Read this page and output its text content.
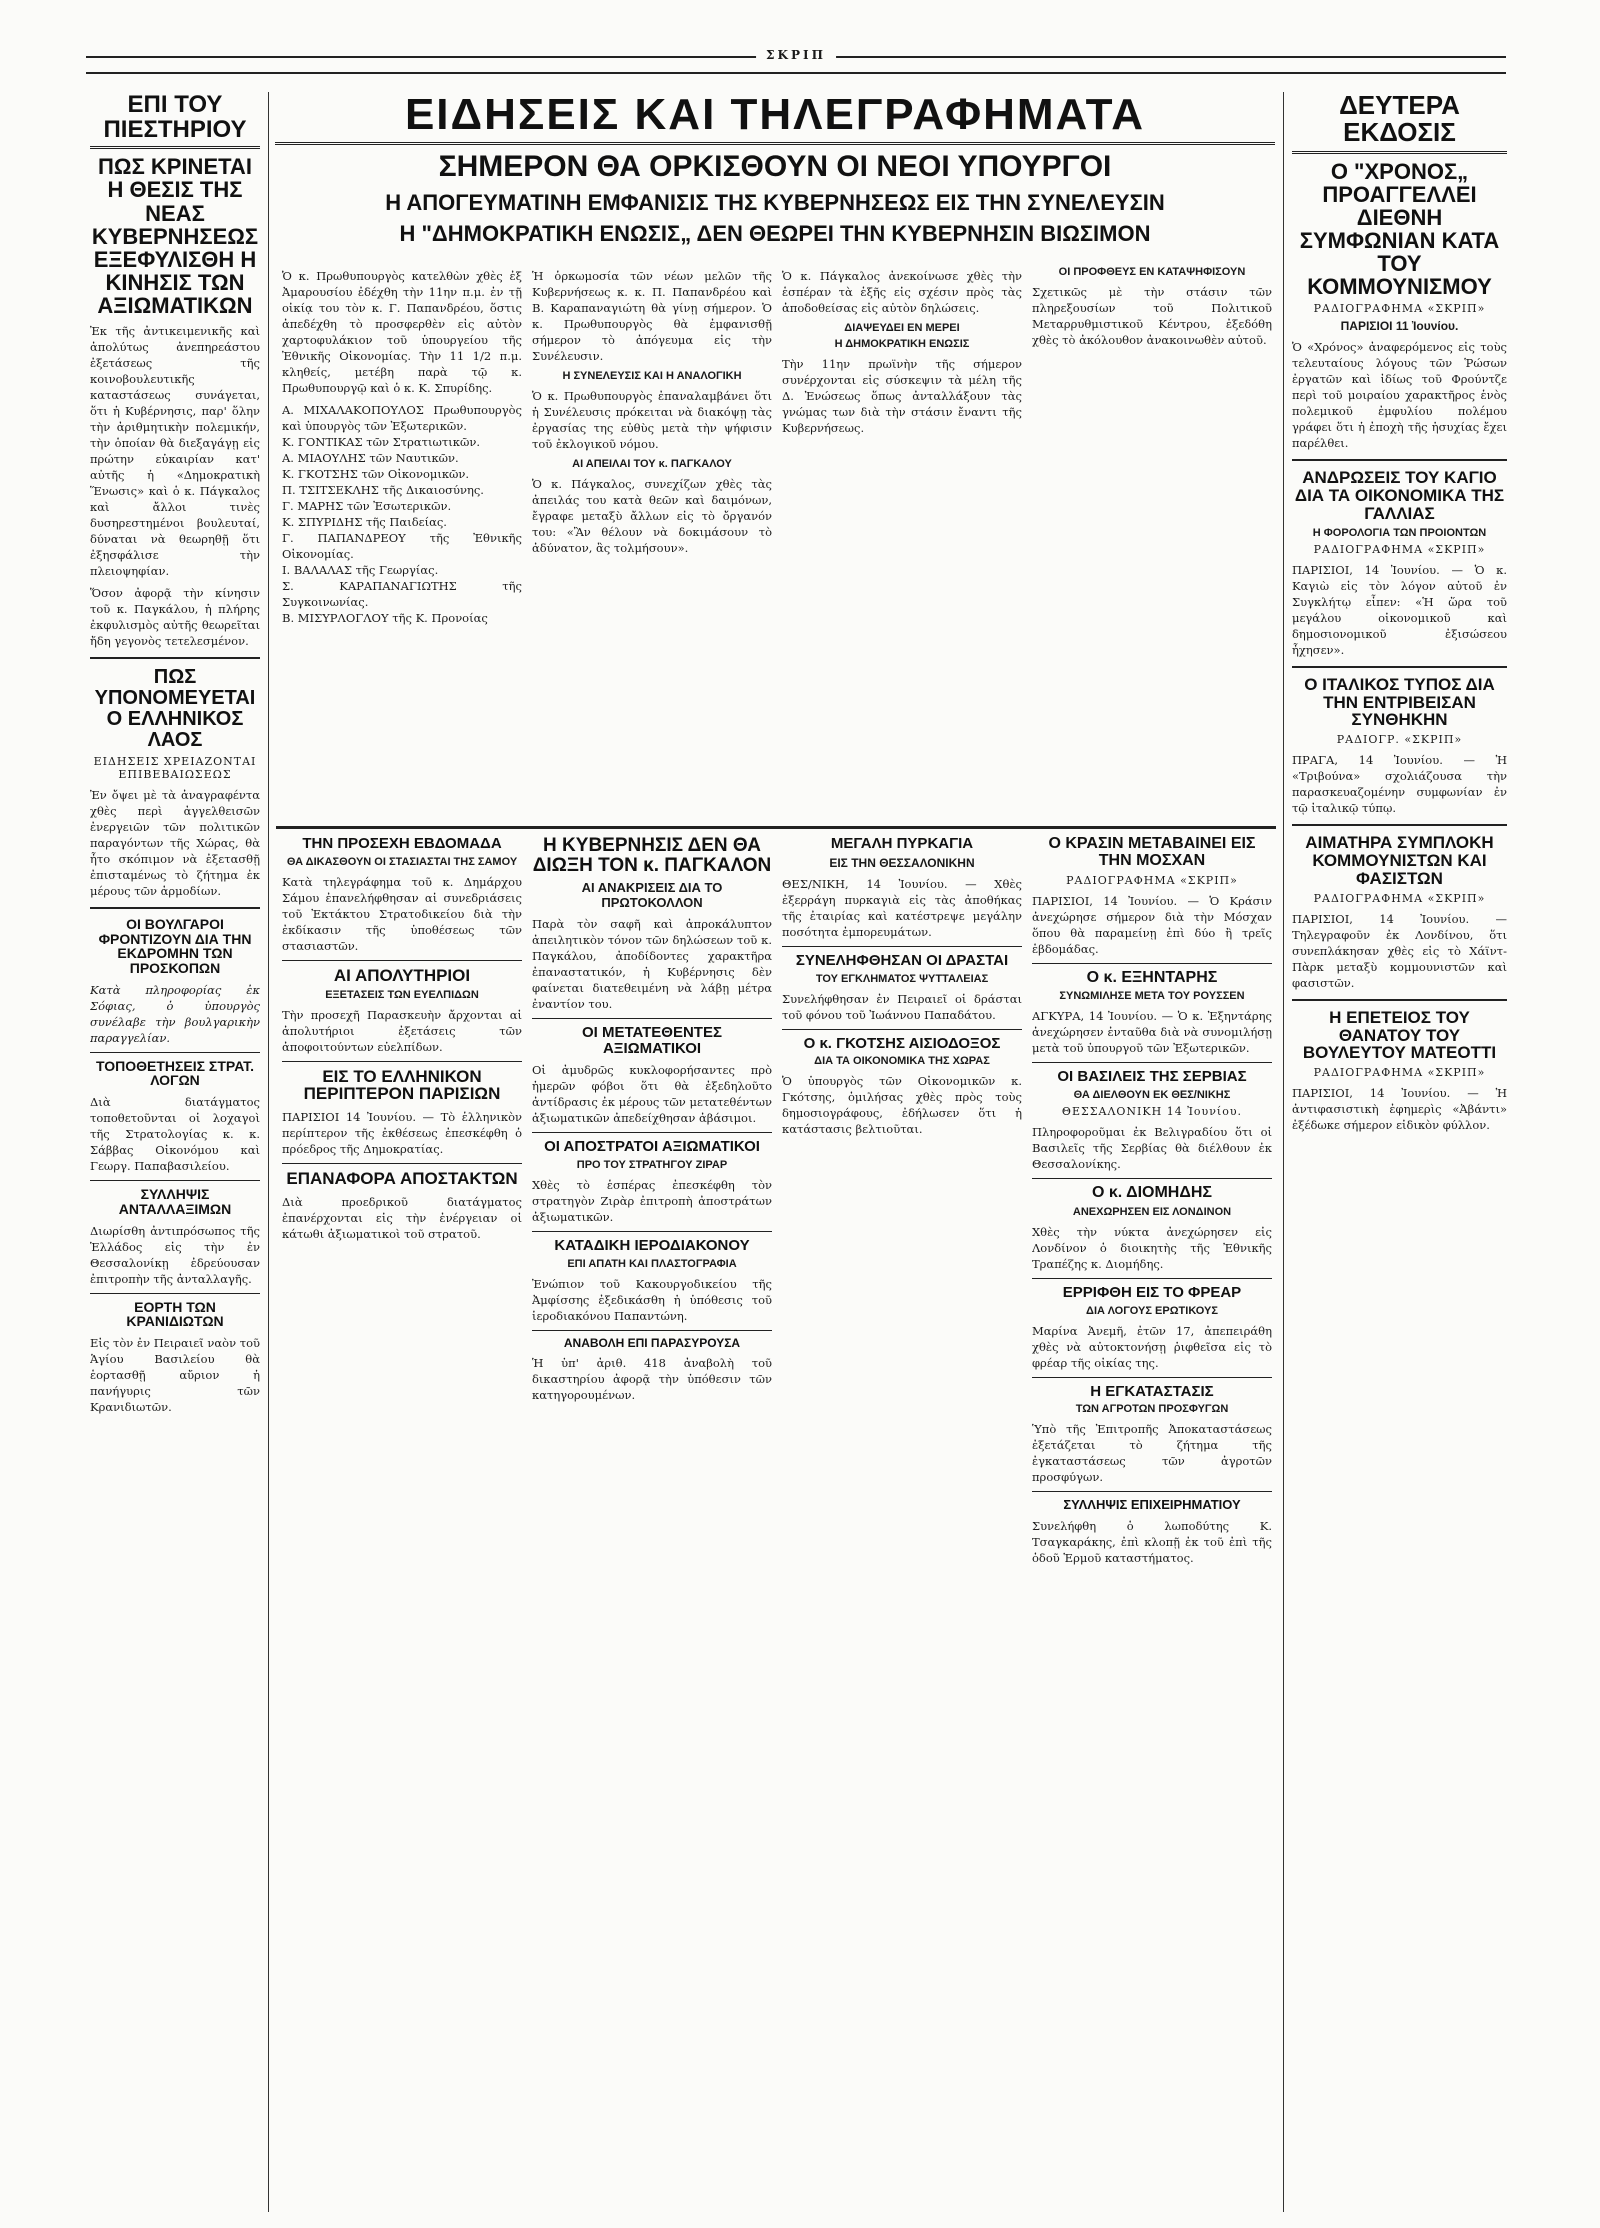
ΣΚΡΙΠ
ΕΠΙ ΤΟΥ ΠΙΕΣΤΗΡΙΟΥ
ΠΩΣ ΚΡΙΝΕΤΑΙ Η ΘΕΣΙΣ ΤΗΣ ΝΕΑΣ ΚΥΒΕΡΝΗΣΕΩΣ ΕΞΕΦΥΛΙΣΘΗ Η ΚΙΝΗΣΙΣ ΤΩΝ ΑΞΙΩΜΑΤΙΚΩΝ

Ἐκ τῆς ἀντικειμενικῆς καὶ ἀπολύτως ἀνεπηρεάστου ἐξετάσεως τῆς κοινοβουλευτικῆς καταστάσεως συνάγεται, ὅτι ἡ Κυβέρνησις, παρ' ὅλην τὴν ἀριθμητικὴν πολεμικήν, τὴν ὁποίαν θὰ διεξαγάγῃ εἰς πρώτην εὐκαιρίαν κατ' αὐτῆς ἡ «Δημοκρατικὴ Ἕνωσις» καὶ ὁ κ. Πάγκαλος καὶ ἄλλοι τινὲς δυσηρεστημένοι βουλευταί, δύναται νὰ θεωρηθῇ ὅτι ἐξησφάλισε τὴν πλειοψηφίαν.

Ὅσον ἀφορᾷ τὴν κίνησιν τοῦ κ. Παγκάλου, ἡ πλήρης ἐκφυλισμὸς αὐτῆς θεωρεῖται ἤδη γεγονὸς τετελεσμένον.

ΠΩΣ ΥΠΟΝΟΜΕΥΕΤΑΙ Ο ΕΛΛΗΝΙΚΟΣ ΛΑΟΣ
ΕΙΔΗΣΕΙΣ ΧΡΕΙΑΖΟΝΤΑΙ ΕΠΙΒΕΒΑΙΩΣΕΩΣ

Ἐν ὄψει μὲ τὰ ἀναγραφέντα χθὲς περὶ ἀγγελθεισῶν ἐνεργειῶν τῶν πολιτικῶν παραγόντων τῆς Χώρας, θὰ ἦτο σκόπιμον νὰ ἐξετασθῇ ἐπισταμένως τὸ ζήτημα ἐκ μέρους τῶν ἁρμοδίων.

ΟΙ ΒΟΥΛΓΑΡΟΙ ΦΡΟΝΤΙΖΟΥΝ ΔΙΑ ΤΗΝ ΕΚΔΡΟΜΗΝ ΤΩΝ ΠΡΟΣΚΟΠΩΝ

Κατὰ πληροφορίας ἐκ Σόφιας, ὁ ὑπουργὸς συνέλαβε τὴν βουλγαρικὴν παραγγελίαν.

ΤΟΠΟΘΕΤΗΣΕΙΣ ΣΤΡΑΤ. ΛΟΓΩΝ

Διὰ διατάγματος τοποθετοῦνται οἱ λοχαγοὶ τῆς Στρατολογίας κ. κ. Σάββας Οἰκονόμου καὶ Γεωργ. Παπαβασιλείου.

ΣΥΛΛΗΨΙΣ ΑΝΤΑΛΛΑΞΙΜΩΝ

Διωρίσθη ἀντιπρόσωπος τῆς Ἑλλάδος εἰς τὴν ἐν Θεσσαλονίκῃ ἐδρεύουσαν ἐπιτροπὴν τῆς ἀνταλλαγῆς.

ΕΟΡΤΗ ΤΩΝ ΚΡΑΝΙΔΙΩΤΩΝ

Εἰς τὸν ἐν Πειραιεῖ ναὸν τοῦ Ἁγίου Βασιλείου θὰ ἑορτασθῇ αὔριον ἡ πανήγυρις τῶν Κρανιδιωτῶν.

ΕΙΔΗΣΕΙΣ ΚΑΙ ΤΗΛΕΓΡΑΦΗΜΑΤΑ
ΣΗΜΕΡΟΝ ΘΑ ΟΡΚΙΣΘΟΥΝ ΟΙ ΝΕΟΙ ΥΠΟΥΡΓΟΙ
Η ΑΠΟΓΕΥΜΑΤΙΝΗ ΕΜΦΑΝΙΣΙΣ ΤΗΣ ΚΥΒΕΡΝΗΣΕΩΣ ΕΙΣ ΤΗΝ ΣΥΝΕΛΕΥΣΙΝ
Η "ΔΗΜΟΚΡΑΤΙΚΗ ΕΝΩΣΙΣ„ ΔΕΝ ΘΕΩΡΕΙ ΤΗΝ ΚΥΒΕΡΝΗΣΙΝ ΒΙΩΣΙΜΟΝ

Ὁ κ. Πρωθυπουργὸς κατελθὼν χθὲς ἐξ Ἀμαρουσίου ἐδέχθη τὴν 11ην π.μ. ἐν τῇ οἰκίᾳ του τὸν κ. Γ. Παπανδρέου, ὅστις ἀπεδέχθη τὸ προσφερθὲν εἰς αὐτὸν χαρτοφυλάκιον τοῦ ὑπουργείου τῆς Ἐθνικῆς Οἰκονομίας. Τὴν 11 1/2 π.μ. κληθείς, μετέβη παρὰ τῷ κ. Πρωθυπουργῷ καὶ ὁ κ. Κ. Σπυρίδης.

Α. ΜΙΧΑΛΑΚΟΠΟΥΛΟΣ Πρωθυπουργὸς καὶ ὑπουργὸς τῶν Ἐξωτερικῶν.
Κ. ΓΟΝΤΙΚΑΣ τῶν Στρατιωτικῶν.
Α. ΜΙΑΟΥΛΗΣ τῶν Ναυτικῶν.
Κ. ΓΚΟΤΣΗΣ τῶν Οἰκονομικῶν.
Π. ΤΣΙΤΣΕΚΛΗΣ τῆς Δικαιοσύνης.
Γ. ΜΑΡΗΣ τῶν Ἐσωτερικῶν.
Κ. ΣΠΥΡΙΔΗΣ τῆς Παιδείας.
Γ. ΠΑΠΑΝΔΡΕΟΥ τῆς Ἐθνικῆς Οἰκονομίας.
Ι. ΒΑΛΑΛΑΣ τῆς Γεωργίας.
Σ. ΚΑΡΑΠΑΝΑΓΙΩΤΗΣ τῆς Συγκοινωνίας.
Β. ΜΙΣΥΡΛΟΓΛΟΥ τῆς Κ. Προνοίας

Ἡ ὁρκωμοσία τῶν νέων μελῶν τῆς Κυβερνήσεως κ. κ. Π. Παπανδρέου καὶ Β. Καραπαναγιώτη θὰ γίνῃ σήμερον. Ὁ κ. Πρωθυπουργὸς θὰ ἐμφανισθῇ σήμερον τὸ ἀπόγευμα εἰς τὴν Συνέλευσιν.

Η ΣΥΝΕΛΕΥΣΙΣ ΚΑΙ Η ΑΝΑΛΟΓΙΚΗ

Ὁ κ. Πρωθυπουργὸς ἐπαναλαμβάνει ὅτι ἡ Συνέλευσις πρόκειται νὰ διακόψῃ τὰς ἐργασίας της εὐθὺς μετὰ τὴν ψήφισιν τοῦ ἐκλογικοῦ νόμου.

ΑΙ ΑΠΕΙΛΑΙ ΤΟΥ κ. ΠΑΓΚΑΛΟΥ

Ὁ κ. Πάγκαλος, συνεχίζων χθὲς τὰς ἀπειλάς του κατὰ θεῶν καὶ δαιμόνων, ἔγραφε μεταξὺ ἄλλων εἰς τὸ ὄργανόν του: «Ἂν θέλουν νὰ δοκιμάσουν τὸ ἀδύνατον, ἂς τολμήσουν».

Ὁ κ. Πάγκαλος ἀνεκοίνωσε χθὲς τὴν ἑσπέραν τὰ ἑξῆς εἰς σχέσιν πρὸς τὰς ἀποδοθείσας εἰς αὐτὸν δηλώσεις.

ΔΙΑΨΕΥΔΕΙ ΕΝ ΜΕΡΕΙ
Η ΔΗΜΟΚΡΑΤΙΚΗ ΕΝΩΣΙΣ

Τὴν 11ην πρωϊνὴν τῆς σήμερον συνέρχονται εἰς σύσκεψιν τὰ μέλη τῆς Δ. Ἑνώσεως ὅπως ἀνταλλάξουν τὰς γνώμας των διὰ τὴν στάσιν ἔναντι τῆς Κυβερνήσεως.

ΟΙ ΠΡΟΦΘΕΥΣ ΕΝ ΚΑΤΑΨΗΦΙΣΟΥΝ

Σχετικῶς μὲ τὴν στάσιν τῶν πληρεξουσίων τοῦ Πολιτικοῦ Μεταρρυθμιστικοῦ Κέντρου, ἐξεδόθη χθὲς τὸ ἀκόλουθον ἀνακοινωθὲν αὐτοῦ.

ΔΕΥΤΕΡΑ ΕΚΔΟΣΙΣ
Ο "ΧΡΟΝΟΣ„ ΠΡΟΑΓΓΕΛΛΕΙ ΔΙΕΘΝΗ ΣΥΜΦΩΝΙΑΝ ΚΑΤΑ ΤΟΥ ΚΟΜΜΟΥΝΙΣΜΟΥ
ΡΑΔΙΟΓΡΑΦΗΜΑ «ΣΚΡΙΠ»
ΠΑΡΙΣΙΟΙ 11 Ἰουνίου.

Ὁ «Χρόνος» ἀναφερόμενος εἰς τοὺς τελευταίους λόγους τῶν Ῥώσων ἐργατῶν καὶ ἰδίως τοῦ Φρούντζε περὶ τοῦ μοιραίου χαρακτῆρος ἑνὸς πολεμικοῦ ἐμφυλίου πολέμου γράφει ὅτι ἡ ἐποχὴ τῆς ἡσυχίας ἔχει παρέλθει.

ΑΝΔΡΩΣΕΙΣ ΤΟΥ ΚΑΓΙΟ ΔΙΑ ΤΑ ΟΙΚΟΝΟΜΙΚΑ ΤΗΣ ΓΑΛΛΙΑΣ
Η ΦΟΡΟΛΟΓΙΑ ΤΩΝ ΠΡΟΙΟΝΤΩΝ
ΡΑΔΙΟΓΡΑΦΗΜΑ «ΣΚΡΙΠ»

ΠΑΡΙΣΙΟΙ, 14 Ἰουνίου. — Ὁ κ. Καγιὼ εἰς τὸν λόγον αὐτοῦ ἐν Συγκλήτῳ εἶπεν: «Ἡ ὥρα τοῦ μεγάλου οἰκονομικοῦ καὶ δημοσιονομικοῦ ἐξισώσεου ἦχησεν».

Ο ΙΤΑΛΙΚΟΣ ΤΥΠΟΣ ΔΙΑ ΤΗΝ ΕΝΤΡΙΒΕΙΣΑΝ ΣΥΝΘΗΚΗΝ
ΡΑΔΙΟΓΡ. «ΣΚΡΙΠ»

ΠΡΑΓΑ, 14 Ἰουνίου. — Ἡ «Τριβούνα» σχολιάζουσα τὴν παρασκευαζομένην συμφωνίαν ἐν τῷ ἰταλικῷ τύπῳ.

ΑΙΜΑΤΗΡΑ ΣΥΜΠΛΟΚΗ ΚΟΜΜΟΥΝΙΣΤΩΝ ΚΑΙ ΦΑΣΙΣΤΩΝ
ΡΑΔΙΟΓΡΑΦΗΜΑ «ΣΚΡΙΠ»

ΠΑΡΙΣΙΟΙ, 14 Ἰουνίου. — Τηλεγραφοῦν ἐκ Λονδίνου, ὅτι συνεπλάκησαν χθὲς εἰς τὸ Χάϊντ-Πὰρκ μεταξὺ κομμουνιστῶν καὶ φασιστῶν.

Η ΕΠΕΤΕΙΟΣ ΤΟΥ ΘΑΝΑΤΟΥ ΤΟΥ ΒΟΥΛΕΥΤΟΥ ΜΑΤΕΟΤΤΙ
ΡΑΔΙΟΓΡΑΦΗΜΑ «ΣΚΡΙΠ»

ΠΑΡΙΣΙΟΙ, 14 Ἰουνίου. — Ἡ ἀντιφασιστικὴ ἐφημερὶς «Ἀβάντι» ἐξέδωκε σήμερον εἰδικὸν φύλλον.

ΤΗΝ ΠΡΟΣΕΧΗ ΕΒΔΟΜΑΔΑ
ΘΑ ΔΙΚΑΣΘΟΥΝ ΟΙ ΣΤΑΣΙΑΣΤΑΙ ΤΗΣ ΣΑΜΟΥ

Κατὰ τηλεγράφημα τοῦ κ. Δημάρχου Σάμου ἐπανελήφθησαν αἱ συνεδριάσεις τοῦ Ἐκτάκτου Στρατοδικείου διὰ τὴν ἐκδίκασιν τῆς ὑποθέσεως τῶν στασιαστῶν.

ΑΙ ΑΠΟΛΥΤΗΡΙΟΙ
ΕΞΕΤΑΣΕΙΣ ΤΩΝ ΕΥΕΛΠΙΔΩΝ

Τὴν προσεχῆ Παρασκευὴν ἄρχονται αἱ ἀπολυτήριοι ἐξετάσεις τῶν ἀποφοιτούντων εὐελπίδων.

ΕΙΣ ΤΟ ΕΛΛΗΝΙΚΟΝ ΠΕΡΙΠΤΕΡΟΝ ΠΑΡΙΣΙΩΝ

ΠΑΡΙΣΙΟΙ 14 Ἰουνίου. — Τὸ ἑλληνικὸν περίπτερον τῆς ἐκθέσεως ἐπεσκέφθη ὁ πρόεδρος τῆς Δημοκρατίας.

ΕΠΑΝΑΦΟΡΑ ΑΠΟΣΤΑΚΤΩΝ

Διὰ προεδρικοῦ διατάγματος ἐπανέρχονται εἰς τὴν ἐνέργειαν οἱ κάτωθι ἀξιωματικοὶ τοῦ στρατοῦ.

Η ΚΥΒΕΡΝΗΣΙΣ ΔΕΝ ΘΑ ΔΙΩΞΗ ΤΟΝ κ. ΠΑΓΚΑΛΟΝ
ΑΙ ΑΝΑΚΡΙΣΕΙΣ ΔΙΑ ΤΟ ΠΡΩΤΟΚΟΛΛΟΝ

Παρὰ τὸν σαφῆ καὶ ἀπροκάλυπτον ἀπειλητικὸν τόνον τῶν δηλώσεων τοῦ κ. Παγκάλου, ἀποδίδοντες χαρακτῆρα ἐπαναστατικόν, ἡ Κυβέρνησις δὲν φαίνεται διατεθειμένη νὰ λάβῃ μέτρα ἐναντίον του.

ΟΙ ΜΕΤΑΤΕΘΕΝΤΕΣ ΑΞΙΩΜΑΤΙΚΟΙ

Οἱ ἀμυδρῶς κυκλοφορήσαντες πρὸ ἡμερῶν φόβοι ὅτι θὰ ἐξεδηλοῦτο ἀντίδρασις ἐκ μέρους τῶν μετατεθέντων ἀξιωματικῶν ἀπεδείχθησαν ἀβάσιμοι.

ΟΙ ΑΠΟΣΤΡΑΤΟΙ ΑΞΙΩΜΑΤΙΚΟΙ
ΠΡΟ ΤΟΥ ΣΤΡΑΤΗΓΟΥ ΖΙΡΑΡ

Χθὲς τὸ ἑσπέρας ἐπεσκέφθη τὸν στρατηγὸν Ζιρὰρ ἐπιτροπὴ ἀποστράτων ἀξιωματικῶν.

ΚΑΤΑΔΙΚΗ ΙΕΡΟΔΙΑΚΟΝΟΥ
ΕΠΙ ΑΠΑΤΗ ΚΑΙ ΠΛΑΣΤΟΓΡΑΦΙΑ

Ἐνώπιον τοῦ Κακουργοδικείου τῆς Ἀμφίσσης ἐξεδικάσθη ἡ ὑπόθεσις τοῦ ἱεροδιακόνου Παπαντώνη.

ΑΝΑΒΟΛΗ ΕΠΙ ΠΑΡΑΣΥΡΟΥΣΑ

Ἡ ὑπ' ἀριθ. 418 ἀναβολὴ τοῦ δικαστηρίου ἀφορᾷ τὴν ὑπόθεσιν τῶν κατηγορουμένων.

ΜΕΓΑΛΗ ΠΥΡΚΑΓΙΑ
ΕΙΣ ΤΗΝ ΘΕΣΣΑΛΟΝΙΚΗΝ

ΘΕΣ/ΝΙΚΗ, 14 Ἰουνίου. — Χθὲς ἐξερράγη πυρκαγιὰ εἰς τὰς ἀποθήκας τῆς ἐταιρίας καὶ κατέστρεψε μεγάλην ποσότητα ἐμπορευμάτων.

ΣΥΝΕΛΗΦΘΗΣΑΝ ΟΙ ΔΡΑΣΤΑΙ
ΤΟΥ ΕΓΚΛΗΜΑΤΟΣ ΨΥΤΤΑΛΕΙΑΣ

Συνελήφθησαν ἐν Πειραιεῖ οἱ δράσται τοῦ φόνου τοῦ Ἰωάννου Παπαδάτου.

Ο κ. ΓΚΟΤΣΗΣ ΑΙΣΙΟΔΟΞΟΣ
ΔΙΑ ΤΑ ΟΙΚΟΝΟΜΙΚΑ ΤΗΣ ΧΩΡΑΣ

Ὁ ὑπουργὸς τῶν Οἰκονομικῶν κ. Γκότσης, ὁμιλήσας χθὲς πρὸς τοὺς δημοσιογράφους, ἐδήλωσεν ὅτι ἡ κατάστασις βελτιοῦται.

Ο ΚΡΑΣΙΝ ΜΕΤΑΒΑΙΝΕΙ ΕΙΣ ΤΗΝ ΜΟΣΧΑΝ
ΡΑΔΙΟΓΡΑΦΗΜΑ «ΣΚΡΙΠ»

ΠΑΡΙΣΙΟΙ, 14 Ἰουνίου. — Ὁ Κράσιν ἀνεχώρησε σήμερον διὰ τὴν Μόσχαν ὅπου θὰ παραμείνῃ ἐπὶ δύο ἢ τρεῖς ἑβδομάδας.

Ο κ. ΕΞΗΝΤΑΡΗΣ
ΣΥΝΩΜΙΛΗΣΕ ΜΕΤΑ ΤΟΥ ΡΟΥΣΣΕΝ

ΑΓΚΥΡΑ, 14 Ἰουνίου. — Ὁ κ. Ἐξηντάρης ἀνεχώρησεν ἐνταῦθα διὰ νὰ συνομιλήσῃ μετὰ τοῦ ὑπουργοῦ τῶν Ἐξωτερικῶν.

ΟΙ ΒΑΣΙΛΕΙΣ ΤΗΣ ΣΕΡΒΙΑΣ
ΘΑ ΔΙΕΛΘΟΥΝ ΕΚ ΘΕΣ/ΝΙΚΗΣ
ΘΕΣΣΑΛΟΝΙΚΗ 14 Ἰουνίου.

Πληροφοροῦμαι ἐκ Βελιγραδίου ὅτι οἱ Βασιλεῖς τῆς Σερβίας θὰ διέλθουν ἐκ Θεσσαλονίκης.

Ο κ. ΔΙΟΜΗΔΗΣ
ΑΝΕΧΩΡΗΣΕΝ ΕΙΣ ΛΟΝΔΙΝΟΝ

Χθὲς τὴν νύκτα ἀνεχώρησεν εἰς Λονδίνον ὁ διοικητὴς τῆς Ἐθνικῆς Τραπέζης κ. Διομήδης.

ΕΡΡΙΦΘΗ ΕΙΣ ΤΟ ΦΡΕΑΡ
ΔΙΑ ΛΟΓΟΥΣ ΕΡΩΤΙΚΟΥΣ

Μαρίνα Ἀνεμῆ, ἐτῶν 17, ἀπεπειράθη χθὲς νὰ αὐτοκτονήσῃ ῥιφθεῖσα εἰς τὸ φρέαρ τῆς οἰκίας της.

Η ΕΓΚΑΤΑΣΤΑΣΙΣ
ΤΩΝ ΑΓΡΟΤΩΝ ΠΡΟΣΦΥΓΩΝ

Ὑπὸ τῆς Ἐπιτροπῆς Ἀποκαταστάσεως ἐξετάζεται τὸ ζήτημα τῆς ἐγκαταστάσεως τῶν ἀγροτῶν προσφύγων.

ΣΥΛΛΗΨΙΣ ΕΠΙΧΕΙΡΗΜΑΤΙΟΥ

Συνελήφθη ὁ λωποδύτης Κ. Τσαγκαράκης, ἐπὶ κλοπῇ ἐκ τοῦ ἐπὶ τῆς ὁδοῦ Ἑρμοῦ καταστήματος.
